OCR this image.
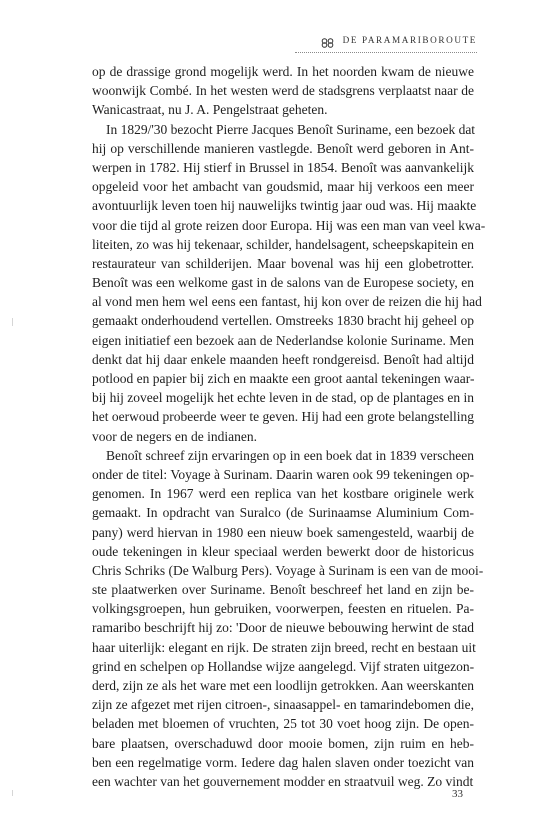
DE PARAMARIBOROUTE
op de drassige grond mogelijk werd. In het noorden kwam de nieuwe
woonwijk Combé. In het westen werd de stadsgrens verplaatst naar de
Wanicastraat, nu J. A. Pengelstraat geheten.
In 1829/'30 bezocht Pierre Jacques Benoît Suriname, een bezoek dat
hij op verschillende manieren vastlegde. Benoît werd geboren in Ant-
werpen in 1782. Hij stierf in Brussel in 1854. Benoît was aanvankelijk
opgeleid voor het ambacht van goudsmid, maar hij verkoos een meer
avontuurlijk leven toen hij nauwelijks twintig jaar oud was. Hij maakte
voor die tijd al grote reizen door Europa. Hij was een man van veel kwa-
liteiten, zo was hij tekenaar, schilder, handelsagent, scheepskapitein en
restaurateur van schilderijen. Maar bovenal was hij een globetrotter.
Benoît was een welkome gast in de salons van de Europese society, en
al vond men hem wel eens een fantast, hij kon over de reizen die hij had
gemaakt onderhoudend vertellen. Omstreeks 1830 bracht hij geheel op
eigen initiatief een bezoek aan de Nederlandse kolonie Suriname. Men
denkt dat hij daar enkele maanden heeft rondgereisd. Benoît had altijd
potlood en papier bij zich en maakte een groot aantal tekeningen waar-
bij hij zoveel mogelijk het echte leven in de stad, op de plantages en in
het oerwoud probeerde weer te geven. Hij had een grote belangstelling
voor de negers en de indianen.
Benoît schreef zijn ervaringen op in een boek dat in 1839 verscheen
onder de titel: Voyage à Surinam. Daarin waren ook 99 tekeningen op-
genomen. In 1967 werd een replica van het kostbare originele werk
gemaakt. In opdracht van Suralco (de Surinaamse Aluminium Com-
pany) werd hiervan in 1980 een nieuw boek samengesteld, waarbij de
oude tekeningen in kleur speciaal werden bewerkt door de historicus
Chris Schriks (De Walburg Pers). Voyage à Surinam is een van de mooi-
ste plaatwerken over Suriname. Benoît beschreef het land en zijn be-
volkingsgroepen, hun gebruiken, voorwerpen, feesten en rituelen. Pa-
ramaribo beschrijft hij zo: 'Door de nieuwe bebouwing herwint de stad
haar uiterlijk: elegant en rijk. De straten zijn breed, recht en bestaan uit
grind en schelpen op Hollandse wijze aangelegd. Vijf straten uitgezon-
derd, zijn ze als het ware met een loodlijn getrokken. Aan weerskanten
zijn ze afgezet met rijen citroen-, sinaasappel- en tamarindebomen die,
beladen met bloemen of vruchten, 25 tot 30 voet hoog zijn. De open-
bare plaatsen, overschaduwd door mooie bomen, zijn ruim en heb-
ben een regelmatige vorm. Iedere dag halen slaven onder toezicht van
een wachter van het gouvernement modder en straatvuil weg. Zo vindt
33
